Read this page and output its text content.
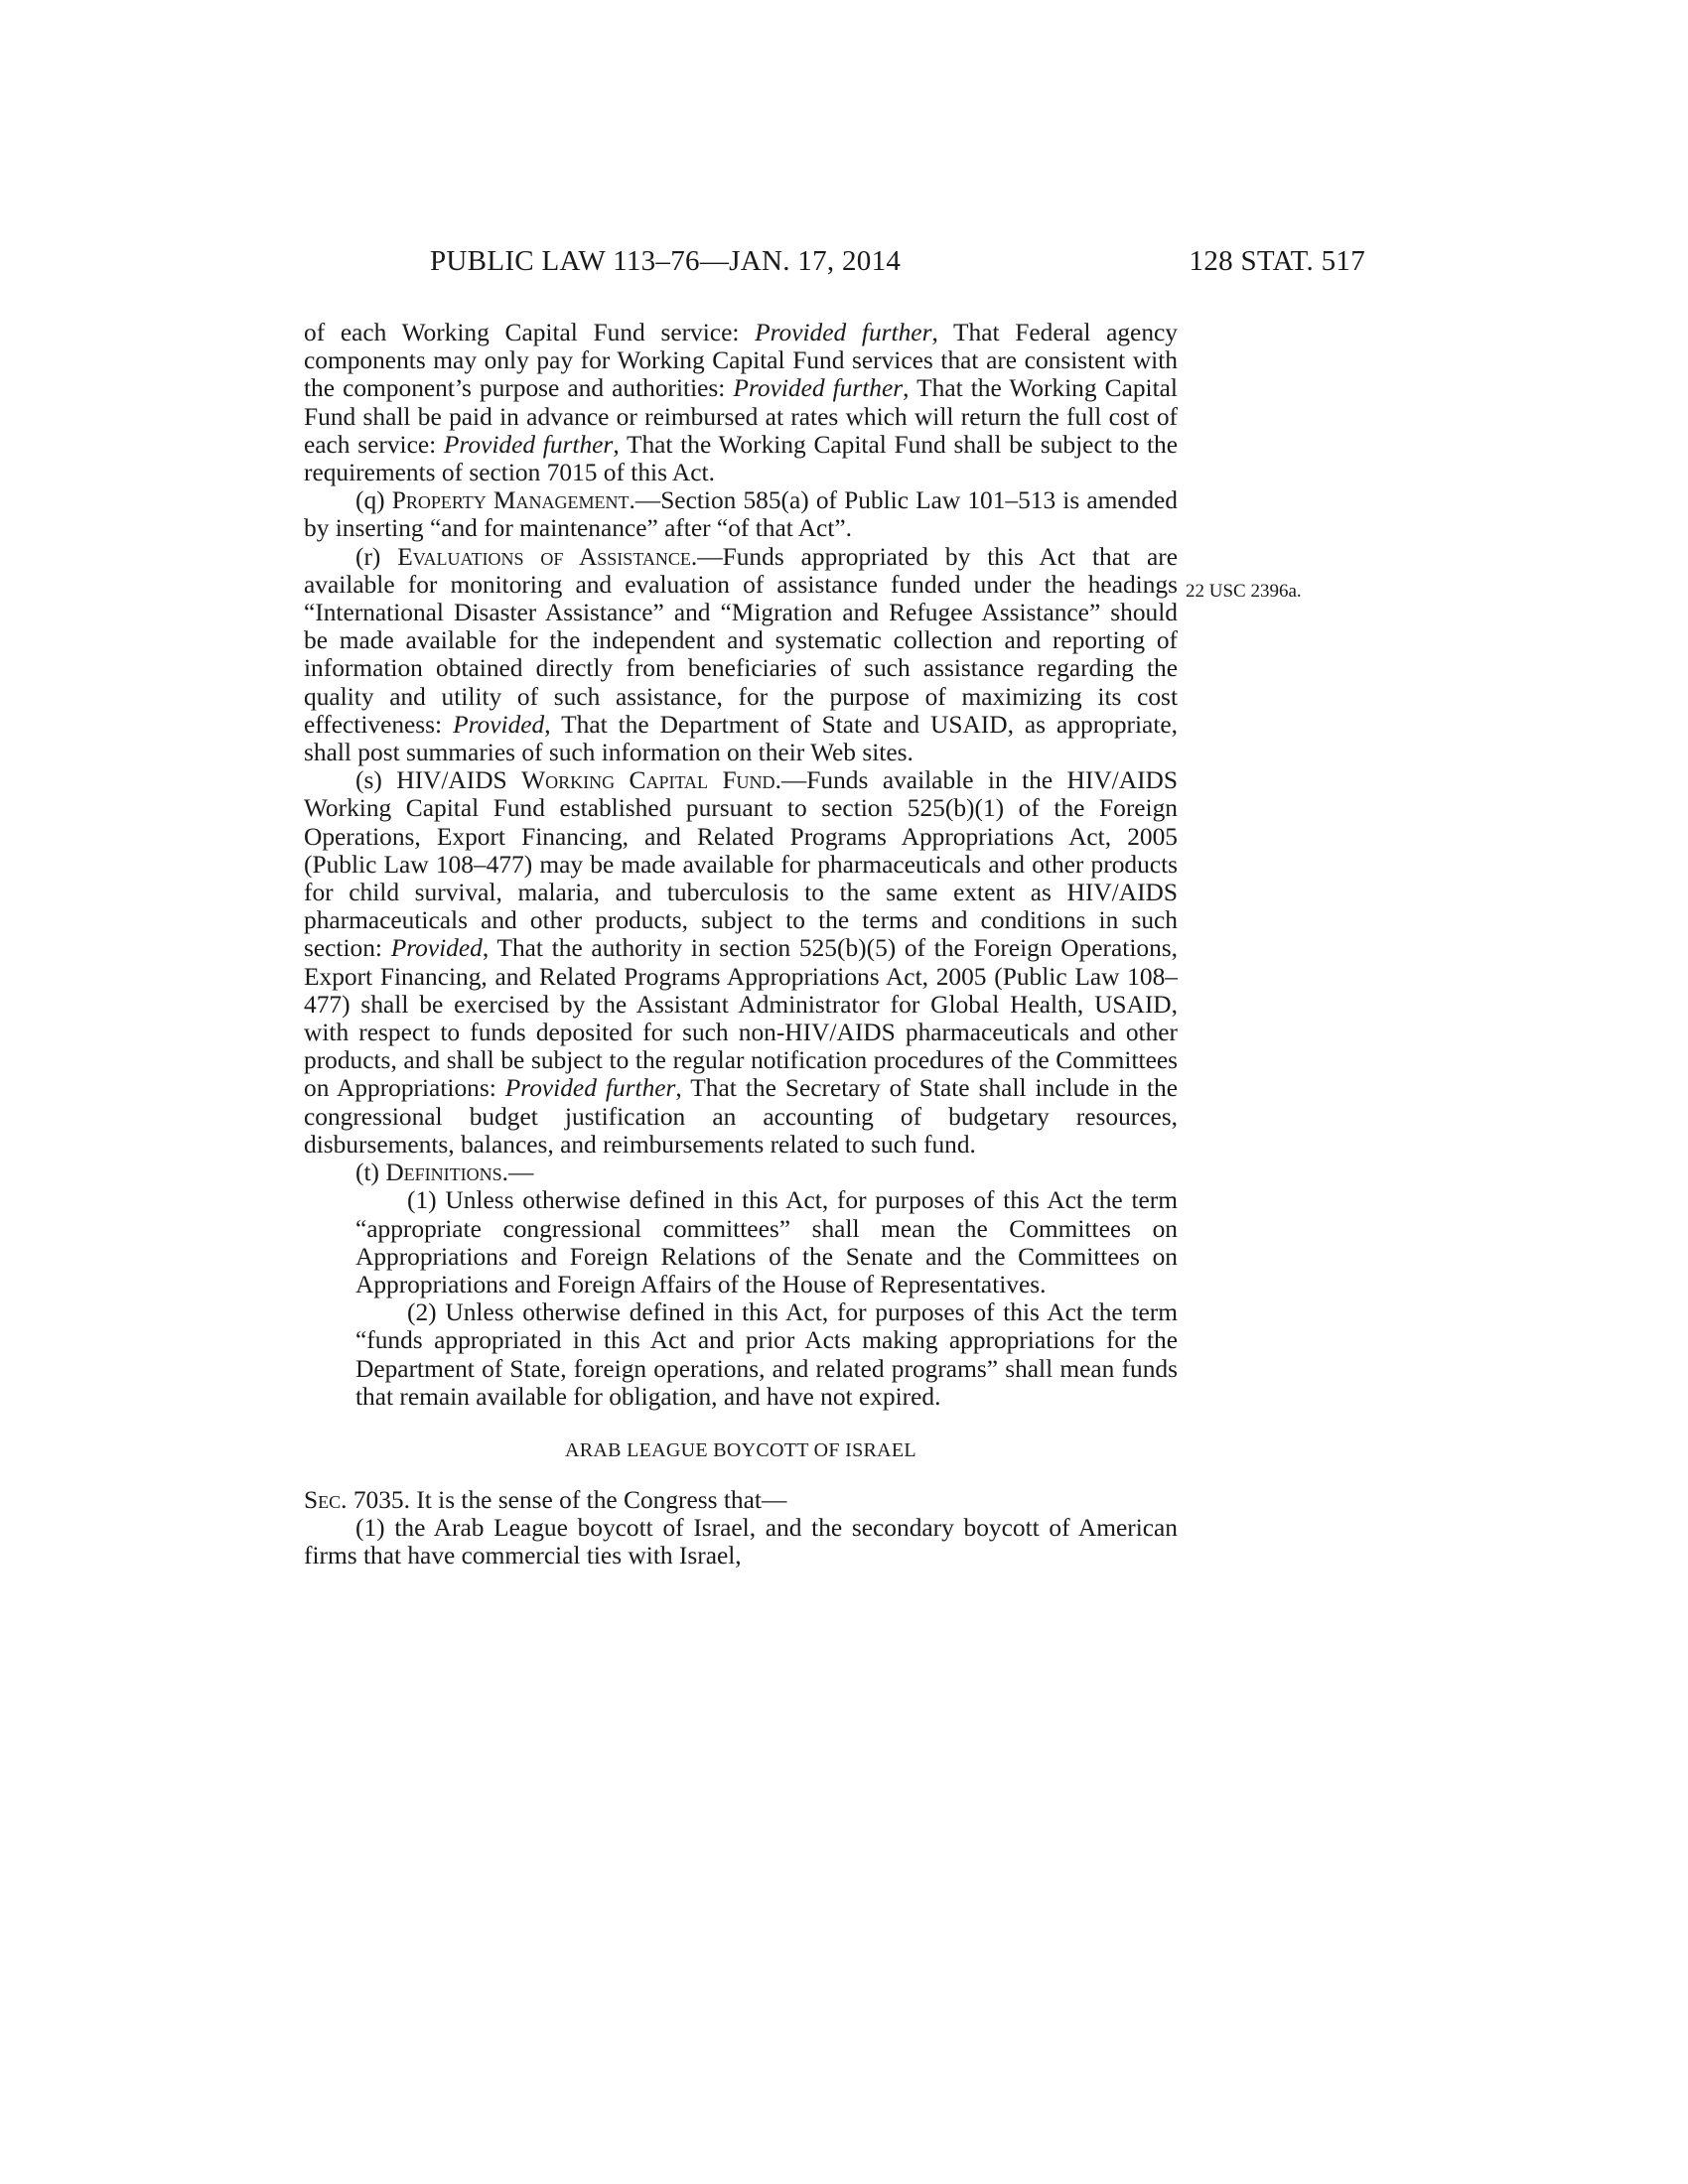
PUBLIC LAW 113–76—JAN. 17, 2014	128 STAT. 517
22 USC 2396a.

of each Working Capital Fund service: Provided further, That Federal agency components may only pay for Working Capital Fund services that are consistent with the component’s purpose and authorities: Provided further, That the Working Capital Fund shall be paid in advance or reimbursed at rates which will return the full cost of each service: Provided further, That the Working Capital Fund shall be subject to the requirements of section 7015 of this Act.

(q) Property Management.—Section 585(a) of Public Law 101–513 is amended by inserting “and for maintenance” after “of that Act”.

(r) Evaluations of Assistance.—Funds appropriated by this Act that are available for monitoring and evaluation of assistance funded under the headings “International Disaster Assistance” and “Migration and Refugee Assistance” should be made available for the independent and systematic collection and reporting of information obtained directly from beneficiaries of such assistance regarding the quality and utility of such assistance, for the purpose of maximizing its cost effectiveness: Provided, That the Department of State and USAID, as appropriate, shall post summaries of such information on their Web sites.

(s) HIV/AIDS Working Capital Fund.—Funds available in the HIV/AIDS Working Capital Fund established pursuant to section 525(b)(1) of the Foreign Operations, Export Financing, and Related Programs Appropriations Act, 2005 (Public Law 108–477) may be made available for pharmaceuticals and other products for child survival, malaria, and tuberculosis to the same extent as HIV/AIDS pharmaceuticals and other products, subject to the terms and conditions in such section: Provided, That the authority in section 525(b)(5) of the Foreign Operations, Export Financing, and Related Programs Appropriations Act, 2005 (Public Law 108–477) shall be exercised by the Assistant Administrator for Global Health, USAID, with respect to funds deposited for such non-HIV/AIDS pharmaceuticals and other products, and shall be subject to the regular notification procedures of the Committees on Appropriations: Provided further, That the Secretary of State shall include in the congressional budget justification an accounting of budgetary resources, disbursements, balances, and reimbursements related to such fund.

(t) Definitions.—

(1) Unless otherwise defined in this Act, for purposes of this Act the term “appropriate congressional committees” shall mean the Committees on Appropriations and Foreign Relations of the Senate and the Committees on Appropriations and Foreign Affairs of the House of Representatives.

(2) Unless otherwise defined in this Act, for purposes of this Act the term “funds appropriated in this Act and prior Acts making appropriations for the Department of State, foreign operations, and related programs” shall mean funds that remain available for obligation, and have not expired.

ARAB LEAGUE BOYCOTT OF ISRAEL

Sec. 7035. It is the sense of the Congress that—

(1) the Arab League boycott of Israel, and the secondary boycott of American firms that have commercial ties with Israel,
